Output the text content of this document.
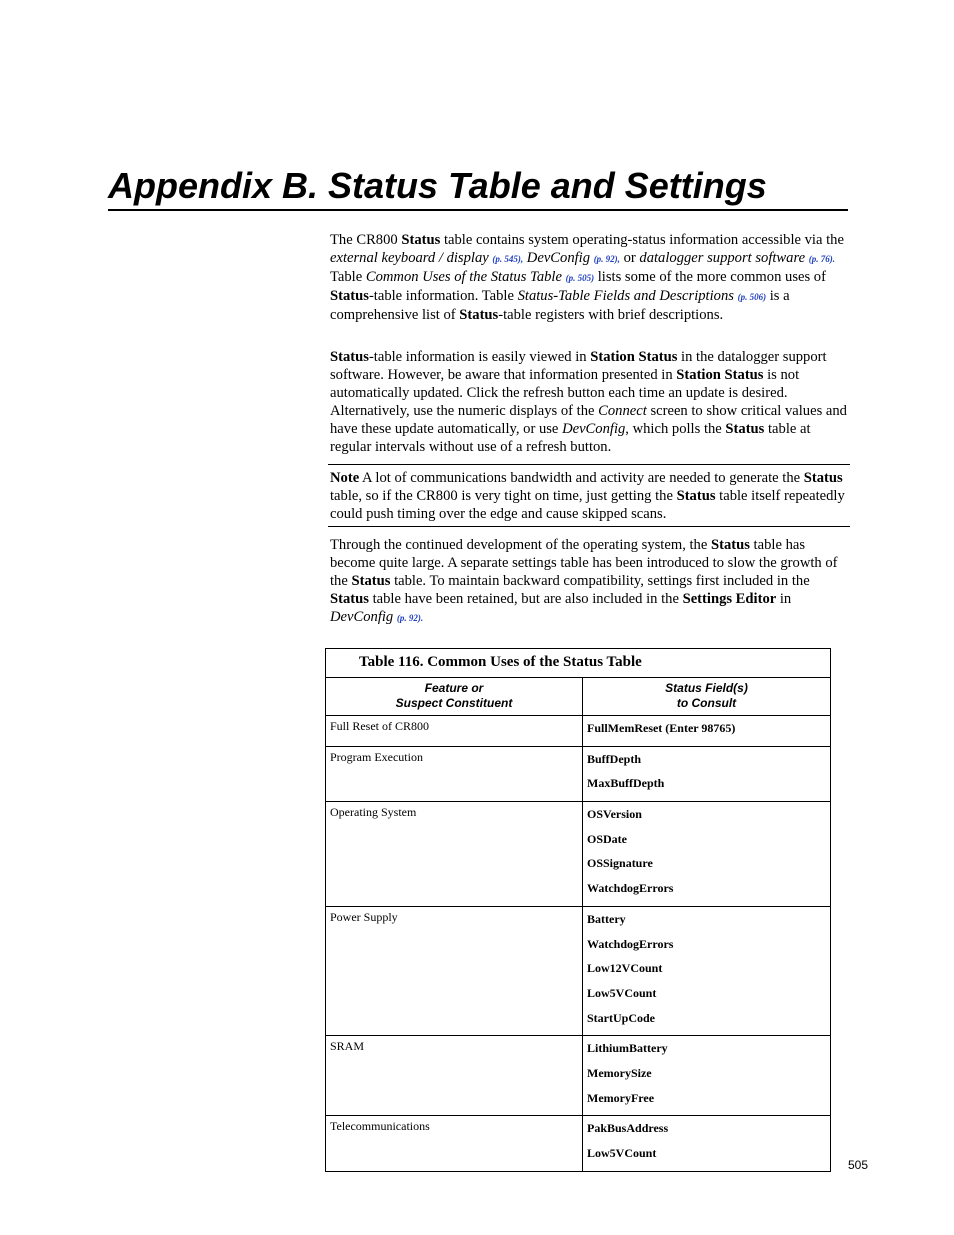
Appendix B. Status Table and Settings

The CR800 Status table contains system operating-status information accessible via the external keyboard / display (p. 545), DevConfig (p. 92), or datalogger support software (p. 76). Table Common Uses of the Status Table (p. 505) lists some of the more common uses of Status-table information. Table Status-Table Fields and Descriptions (p. 506) is a comprehensive list of Status-table registers with brief descriptions.

Status-table information is easily viewed in Station Status in the datalogger support software. However, be aware that information presented in Station Status is not automatically updated. Click the refresh button each time an update is desired. Alternatively, use the numeric displays of the Connect screen to show critical values and have these update automatically, or use DevConfig, which polls the Status table at regular intervals without use of a refresh button.

Note A lot of communications bandwidth and activity are needed to generate the Status table, so if the CR800 is very tight on time, just getting the Status table itself repeatedly could push timing over the edge and cause skipped scans.

Through the continued development of the operating system, the Status table has become quite large. A separate settings table has been introduced to slow the growth of the Status table. To maintain backward compatibility, settings first included in the Status table have been retained, but are also included in the Settings Editor in DevConfig (p. 92).

Table 116. Common Uses of the Status Table	
Feature or
Suspect Constituent	Status Field(s)
to Consult
Full Reset of CR800	FullMemReset (Enter 98765)

Program Execution	BuffDepth
MaxBuffDepth

Operating System	OSVersion
OSDate
OSSignature
WatchdogErrors

Power Supply	Battery
WatchdogErrors
Low12VCount
Low5VCount
StartUpCode

SRAM	LithiumBattery
MemorySize
MemoryFree

Telecommunications	PakBusAddress
Low5VCount
505
